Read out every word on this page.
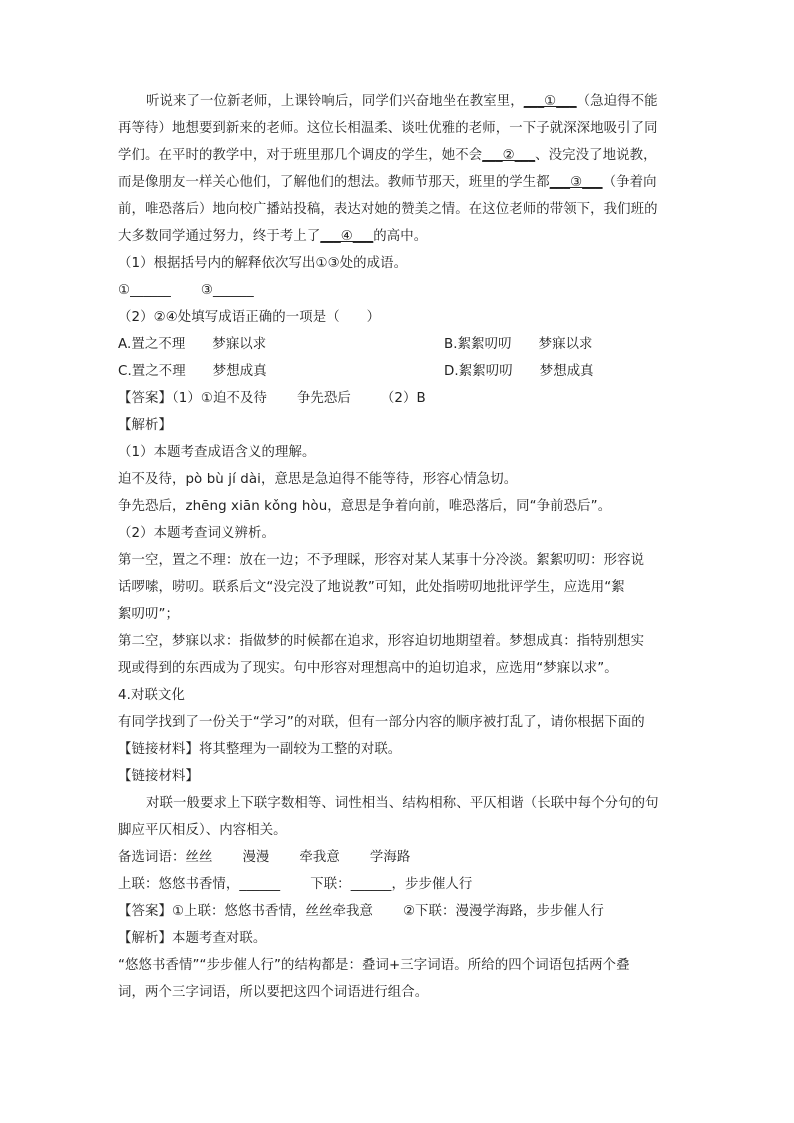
听说来了一位新老师，上课铃响后，同学们兴奋地坐在教室里，___①___（急迫得不能
再等待）地想要到新来的老师。这位长相温柔、谈吐优雅的老师，一下子就深深地吸引了同
学们。在平时的教学中，对于班里那几个调皮的学生，她不会___②___、没完没了地说教，
而是像朋友一样关心他们，了解他们的想法。教师节那天，班里的学生都___③___（争着向
前，唯恐落后）地向校广播站投稿，表达对她的赞美之情。在这位老师的带领下，我们班的
大多数同学通过努力，终于考上了___④___的高中。
（1）根据括号内的解释依次写出①③处的成语。
①______ ③______
（2）②④处填写成语正确的一项是（　　）
A.置之不理　　梦寐以求	B.絮絮叨叨　　梦寐以求
C.置之不理　　梦想成真	D.絮絮叨叨　　梦想成真
【答案】（1）①迫不及待 争先恐后 （2）B
【解析】
（1）本题考查成语含义的理解。
迫不及待，pò bù jí dài，意思是急迫得不能等待，形容心情急切。
争先恐后，zhēng xiān kǒng hòu，意思是争着向前，唯恐落后，同“争前恐后”。
（2）本题考查词义辨析。
第一空，置之不理：放在一边；不予理睬，形容对某人某事十分冷淡。絮絮叨叨：形容说
话啰嗦，唠叨。联系后文“没完没了地说教”可知，此处指唠叨地批评学生，应选用“絮
絮叨叨”；
第二空，梦寐以求：指做梦的时候都在追求，形容迫切地期望着。梦想成真：指特别想实
现或得到的东西成为了现实。句中形容对理想高中的迫切追求，应选用“梦寐以求”。
4.对联文化
有同学找到了一份关于“学习”的对联，但有一部分内容的顺序被打乱了，请你根据下面的
【链接材料】将其整理为一副较为工整的对联。
【链接材料】
对联一般要求上下联字数相等、词性相当、结构相称、平仄相谐（长联中每个分句的句
脚应平仄相反）、内容相关。
备选词语：丝丝 漫漫 牵我意 学海路
上联：悠悠书香情，______ 下联：______，步步催人行
【答案】①上联：悠悠书香情，丝丝牵我意 ②下联：漫漫学海路，步步催人行
【解析】本题考查对联。
“悠悠书香情”“步步催人行”的结构都是：叠词+三字词语。所给的四个词语包括两个叠
词，两个三字词语，所以要把这四个词语进行组合。
